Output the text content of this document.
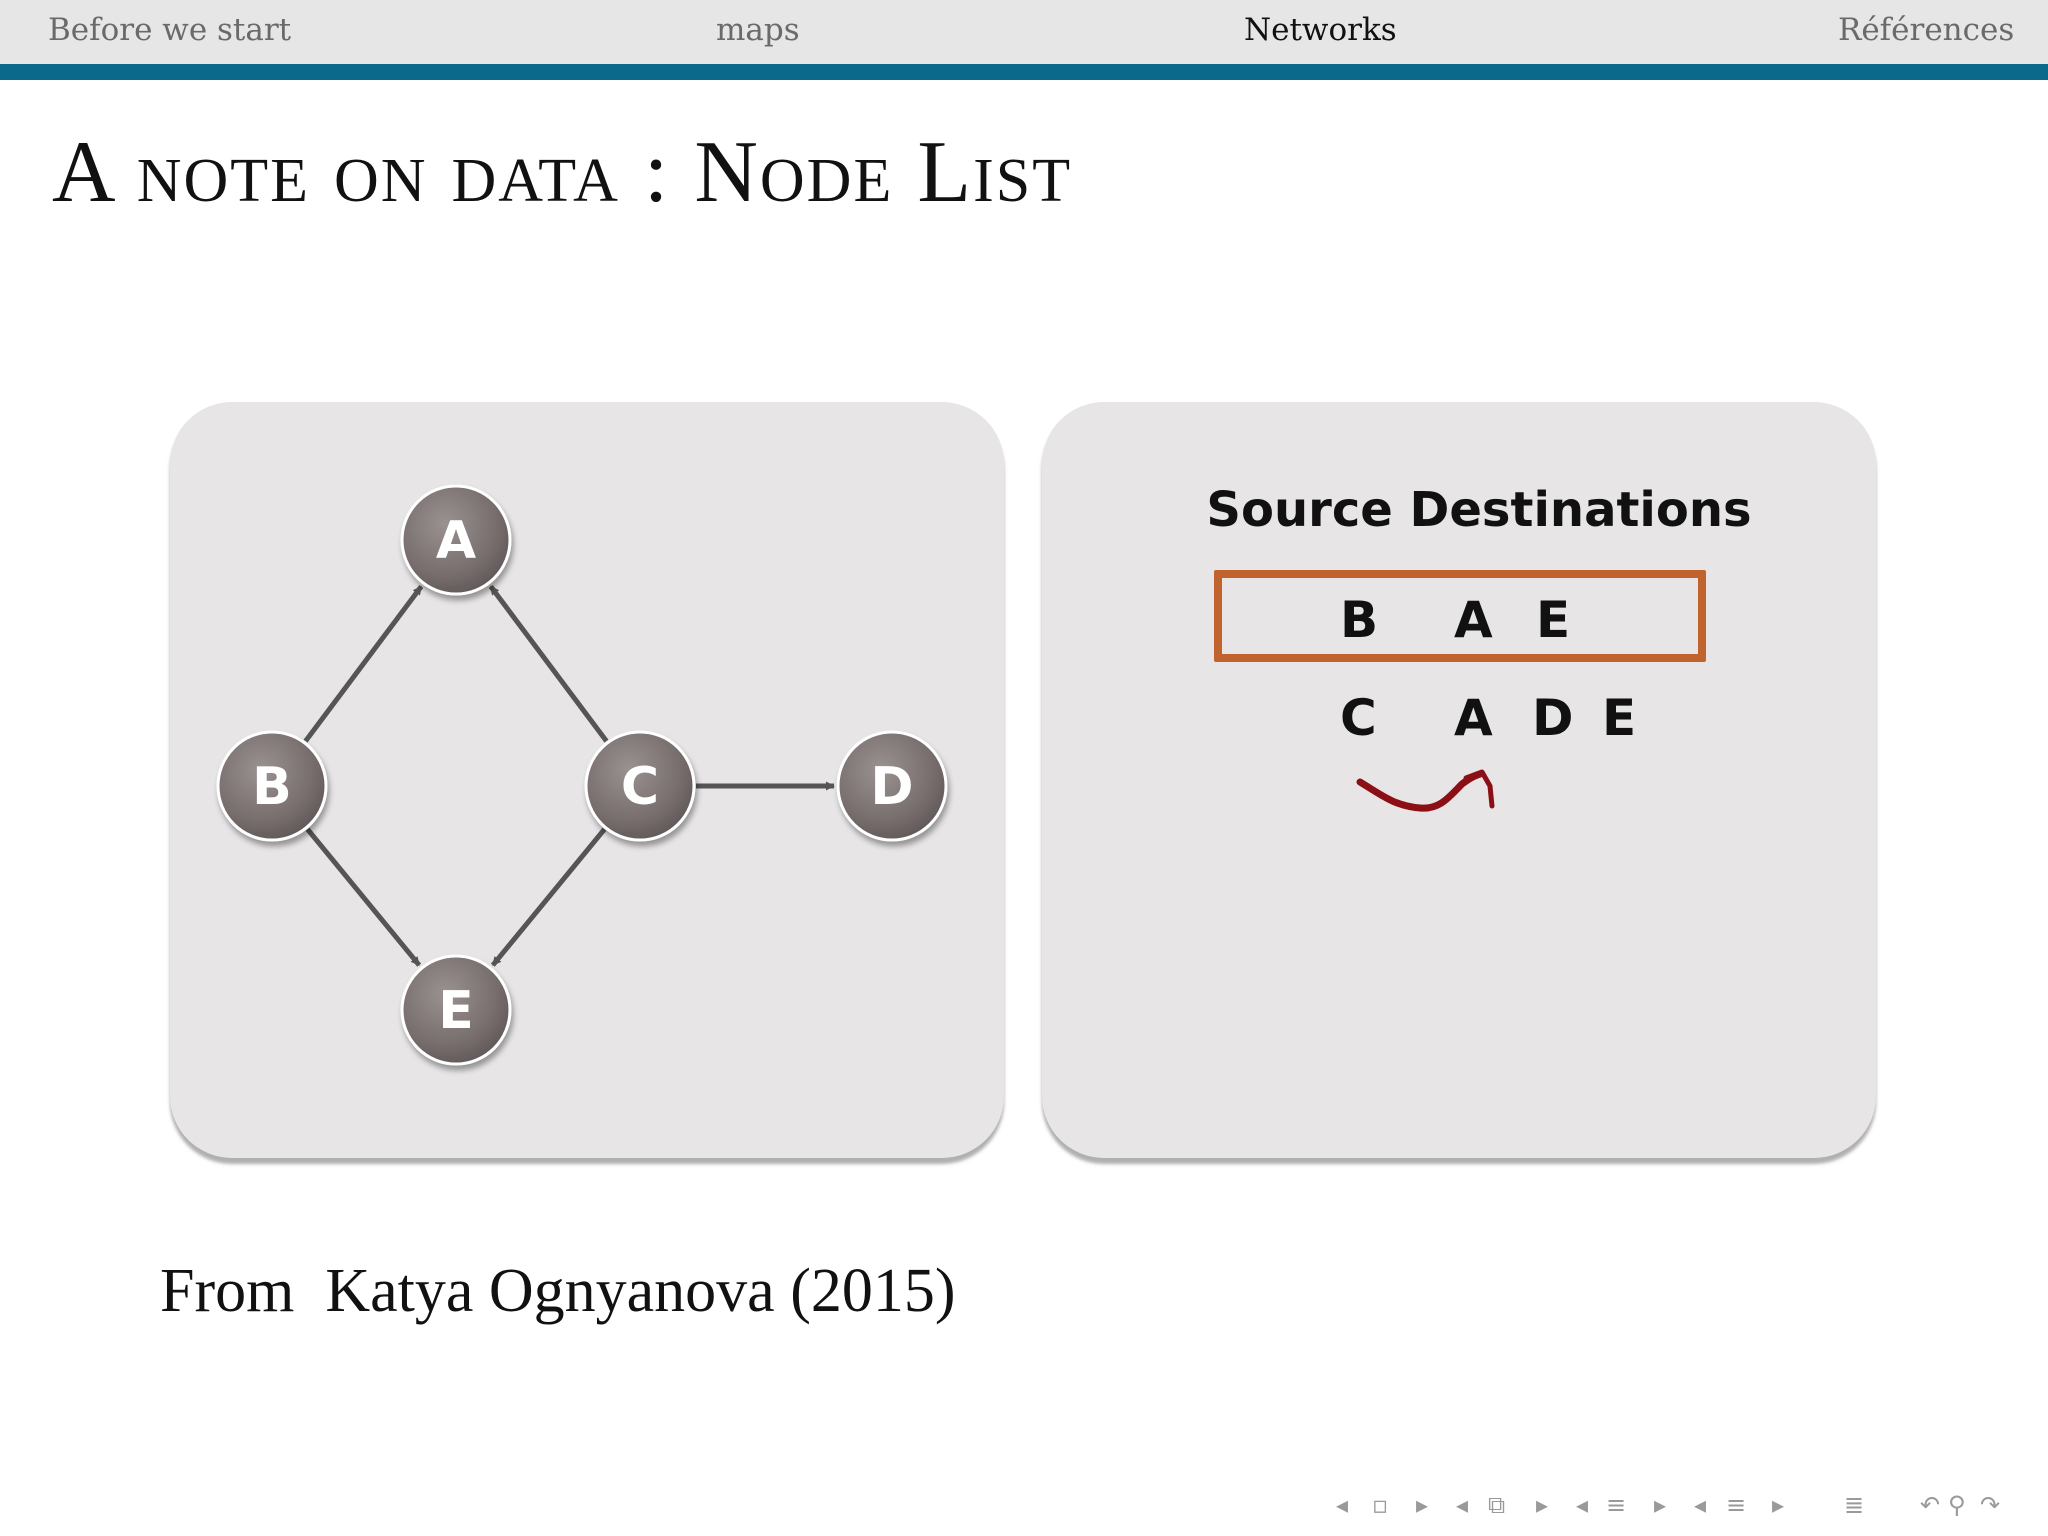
Before we start	maps	Networks	Références
A note on data : Node List
A
B	C	D
E
Source Destinations
B A E
C A D E
From  Katya Ognyanova (2015)
◂ ▫ ▸ ◂ ⧉ ▸ ◂ ≡ ▸ ◂ ≡ ▸ ≣ ↶ ⚲ ↷
